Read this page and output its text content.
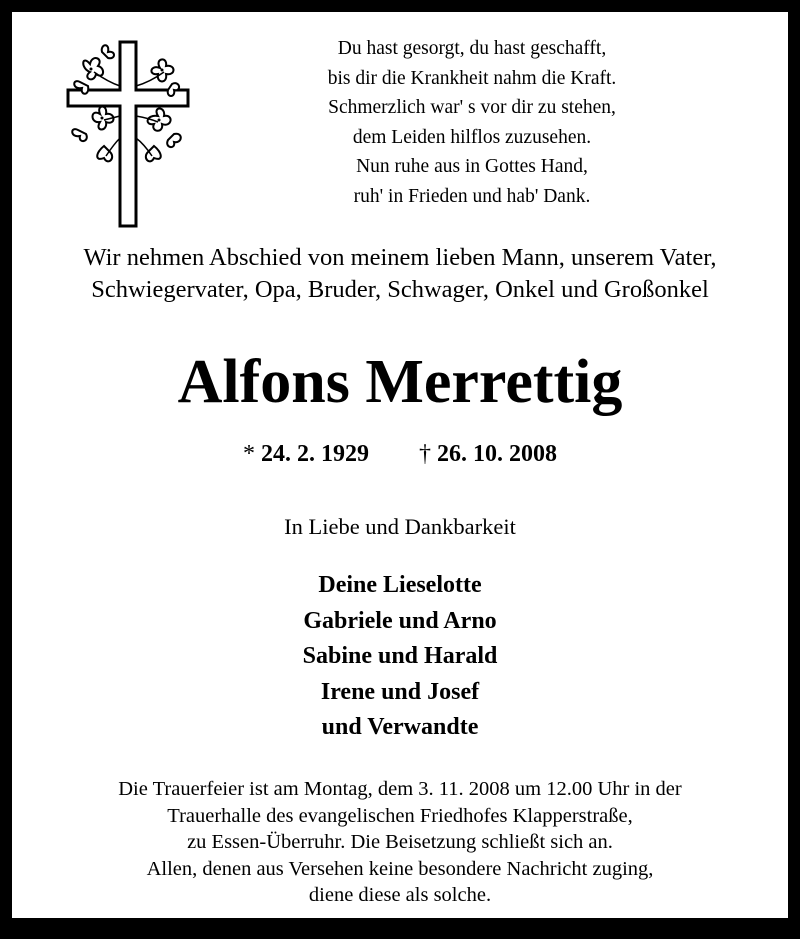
Du hast gesorgt, du hast geschafft,
bis dir die Krankheit nahm die Kraft.
Schmerzlich war' s vor dir zu stehen,
dem Leiden hilflos zuzusehen.
Nun ruhe aus in Gottes Hand,
ruh' in Frieden und hab' Dank.
Wir nehmen Abschied von meinem lieben Mann, unserem Vater,
Schwiegervater, Opa, Bruder, Schwager, Onkel und Großonkel
Alfons Merrettig
* 24. 2. 1929 † 26. 10. 2008
In Liebe und Dankbarkeit
Deine Lieselotte
Gabriele und Arno
Sabine und Harald
Irene und Josef
und Verwandte
Die Trauerfeier ist am Montag, dem 3. 11. 2008 um 12.00 Uhr in der
Trauerhalle des evangelischen Friedhofes Klapperstraße,
zu Essen-Überruhr. Die Beisetzung schließt sich an.
Allen, denen aus Versehen keine besondere Nachricht zuging,
diene diese als solche.
